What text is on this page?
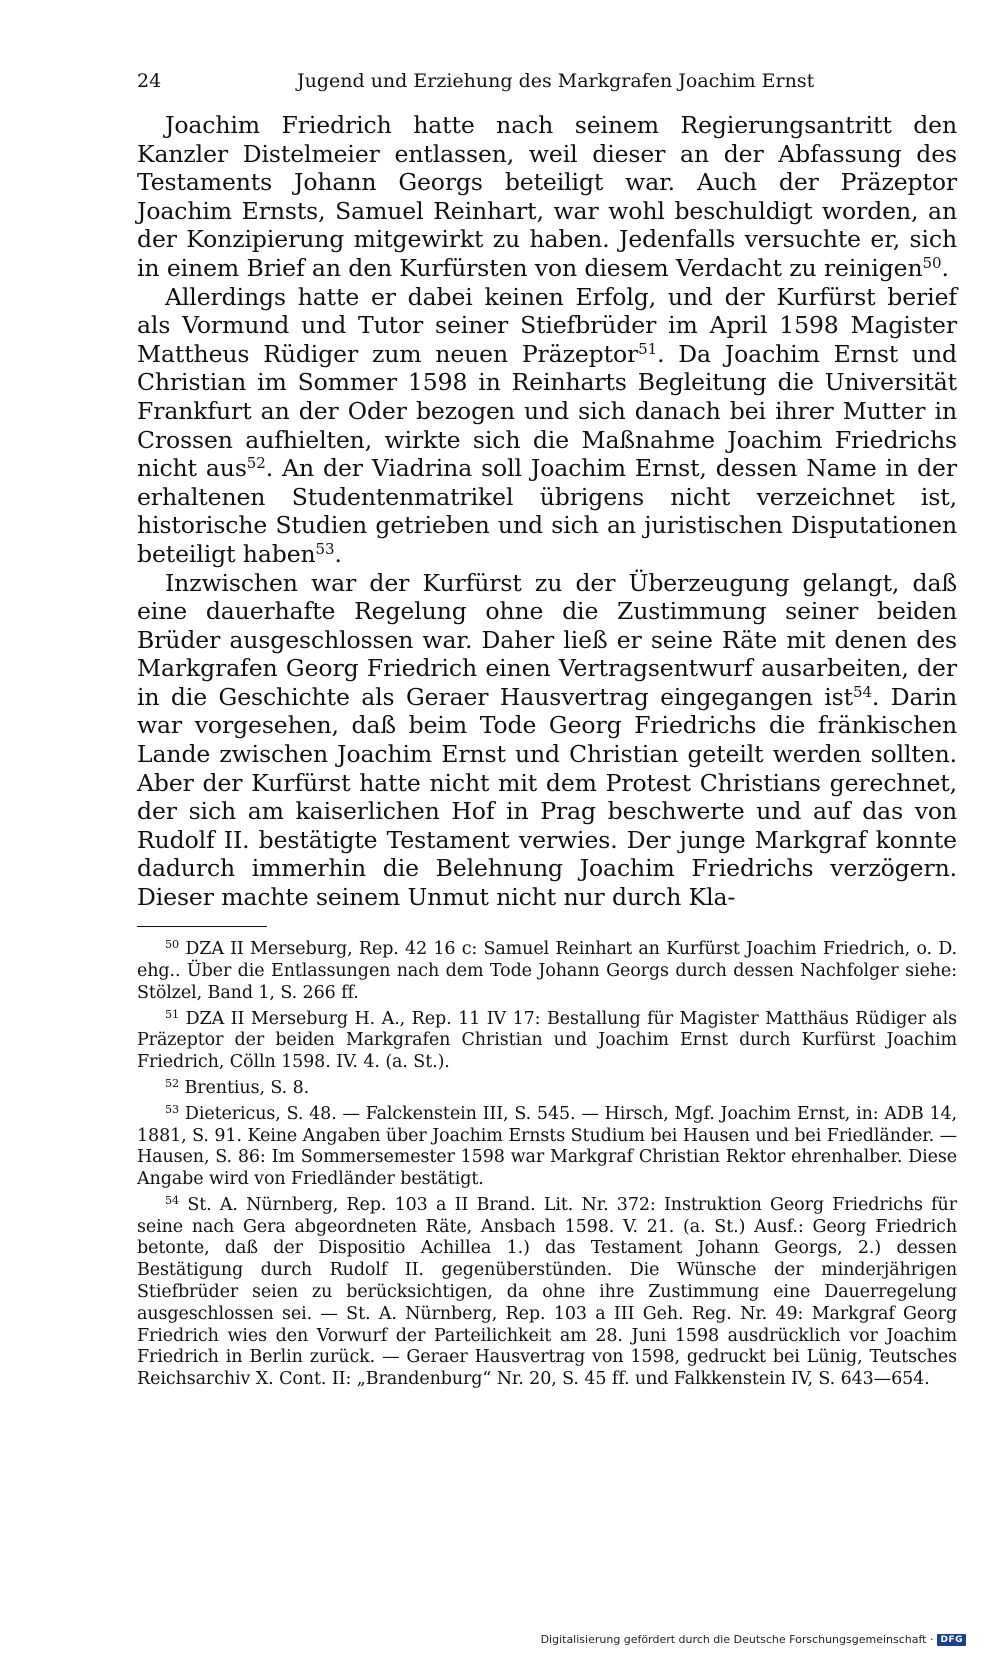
24	Jugend und Erziehung des Markgrafen Joachim Ernst

Joachim Friedrich hatte nach seinem Regierungsantritt den Kanzler Distelmeier entlassen, weil dieser an der Abfassung des Testaments Johann Georgs beteiligt war. Auch der Präzeptor Joachim Ernsts, Samuel Reinhart, war wohl beschuldigt worden, an der Konzipierung mitgewirkt zu haben. Jedenfalls versuchte er, sich in einem Brief an den Kurfürsten von diesem Verdacht zu reinigen$^{50}$.

Allerdings hatte er dabei keinen Erfolg, und der Kurfürst berief als Vormund und Tutor seiner Stiefbrüder im April 1598 Magister Mattheus Rüdiger zum neuen Präzeptor$^{51}$. Da Joachim Ernst und Christian im Sommer 1598 in Reinharts Begleitung die Universität Frankfurt an der Oder bezogen und sich danach bei ihrer Mutter in Crossen aufhielten, wirkte sich die Maßnahme Joachim Friedrichs nicht aus$^{52}$. An der Viadrina soll Joachim Ernst, dessen Name in der erhaltenen Studentenmatrikel übrigens nicht verzeichnet ist, historische Studien getrieben und sich an juristischen Disputationen beteiligt haben$^{53}$.

Inzwischen war der Kurfürst zu der Überzeugung gelangt, daß eine dauerhafte Regelung ohne die Zustimmung seiner beiden Brüder ausgeschlossen war. Daher ließ er seine Räte mit denen des Markgrafen Georg Friedrich einen Vertragsentwurf ausarbeiten, der in die Geschichte als Geraer Hausvertrag eingegangen ist$^{54}$. Darin war vorgesehen, daß beim Tode Georg Friedrichs die fränkischen Lande zwischen Joachim Ernst und Christian geteilt werden sollten. Aber der Kurfürst hatte nicht mit dem Protest Christians gerechnet, der sich am kaiserlichen Hof in Prag beschwerte und auf das von Rudolf II. bestätigte Testament verwies. Der junge Markgraf konnte dadurch immerhin die Belehnung Joachim Friedrichs verzögern. Dieser machte seinem Unmut nicht nur durch Kla-

$^{50}$ DZA II Merseburg, Rep. 42 16 c: Samuel Reinhart an Kurfürst Joachim Friedrich, o. D. ehg.. Über die Entlassungen nach dem Tode Johann Georgs durch dessen Nachfolger siehe: Stölzel, Band 1, S. 266 ff.

$^{51}$ DZA II Merseburg H. A., Rep. 11 IV 17: Bestallung für Magister Matthäus Rüdiger als Präzeptor der beiden Markgrafen Christian und Joachim Ernst durch Kurfürst Joachim Friedrich, Cölln 1598. IV. 4. (a. St.).

$^{52}$ Brentius, S. 8.

$^{53}$ Dietericus, S. 48. — Falckenstein III, S. 545. — Hirsch, Mgf. Joachim Ernst, in: ADB 14, 1881, S. 91. Keine Angaben über Joachim Ernsts Studium bei Hausen und bei Friedländer. — Hausen, S. 86: Im Sommersemester 1598 war Markgraf Christian Rektor ehrenhalber. Diese Angabe wird von Friedländer bestätigt.

$^{54}$ St. A. Nürnberg, Rep. 103 a II Brand. Lit. Nr. 372: Instruktion Georg Friedrichs für seine nach Gera abgeordneten Räte, Ansbach 1598. V. 21. (a. St.) Ausf.: Georg Friedrich betonte, daß der Dispositio Achillea 1.) das Testament Johann Georgs, 2.) dessen Bestätigung durch Rudolf II. gegenüberstünden. Die Wünsche der minderjährigen Stiefbrüder seien zu berücksichtigen, da ohne ihre Zustimmung eine Dauerregelung ausgeschlossen sei. — St. A. Nürnberg, Rep. 103 a III Geh. Reg. Nr. 49: Markgraf Georg Friedrich wies den Vorwurf der Parteilichkeit am 28. Juni 1598 ausdrücklich vor Joachim Friedrich in Berlin zurück. — Geraer Hausvertrag von 1598, gedruckt bei Lünig, Teutsches Reichsarchiv X. Cont. II: „Brandenburg“ Nr. 20, S. 45 ff. und Falkkenstein IV, S. 643—654.

Digitalisierung gefördert durch die Deutsche Forschungsgemeinschaft · DFG
